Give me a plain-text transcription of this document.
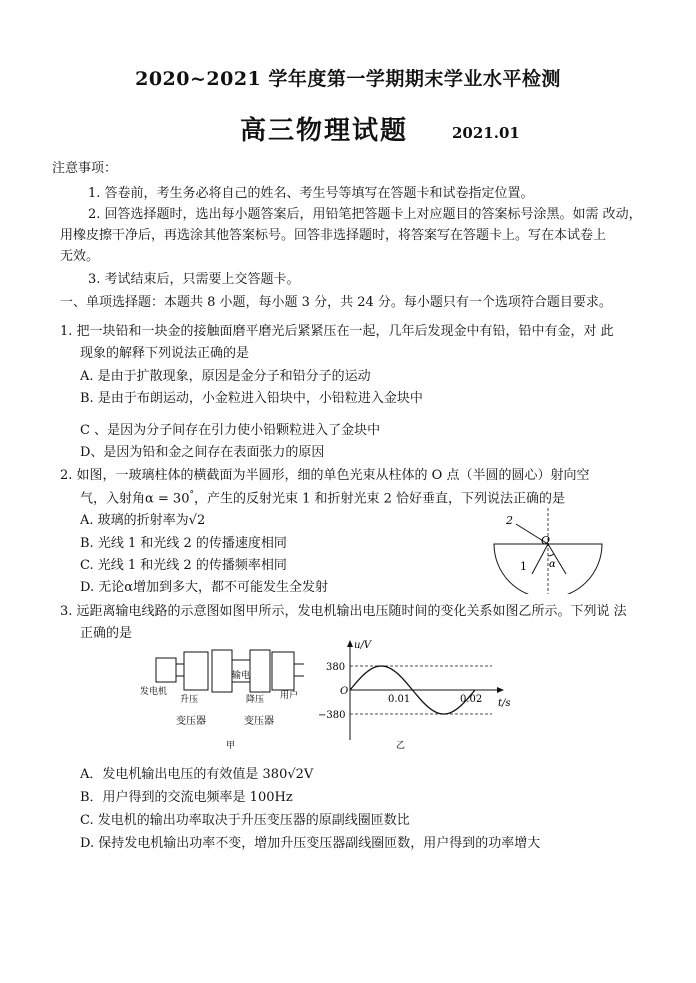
2020~2021 学年度第一学期期末学业水平检测
高三物理试题	2021.01
注意事项：
1. 答卷前，考生务必将自己的姓名、考生号等填写在答题卡和试卷指定位置。
2. 回答选择题时，选出每小题答案后，用铅笔把答题卡上对应题目的答案标号涂黑。如需 改动，
用橡皮擦干净后，再选涂其他答案标号。回答非选择题时，将答案写在答题卡上。写在本试卷上
无效。
3. 考试结束后，只需要上交答题卡。
一、单项选择题：本题共 8 小题，每小题 3 分，共 24 分。每小题只有一个选项符合题目要求。
1. 把一块铅和一块金的接触面磨平磨光后紧紧压在一起，几年后发现金中有铅，铅中有金，对 此
现象的解释下列说法正确的是
A. 是由于扩散现象，原因是金分子和铅分子的运动
B. 是由于布朗运动，小金粒进入铅块中，小铅粒进入金块中
C 、是因为分子间存在引力使小铅颗粒进入了金块中
D、是因为铅和金之间存在表面张力的原因
2. 如图，一玻璃柱体的横截面为半圆形，细的单色光束从柱体的 O 点（半圆的圆心）射向空
气，入射角α = 30°，产生的反射光束 1 和折射光束 2 恰好垂直，下列说法正确的是
A. 玻璃的折射率为√2
B. 光线 1 和光线 2 的传播速度相同
C. 光线 1 和光线 2 的传播频率相同
D. 无论α增加到多大，都不可能发生全发射
2
O
1 α
3. 远距离输电线路的示意图如图甲所示，发电机输出电压随时间的变化关系如图乙所示。下列说 法
正确的是
发电机
升压
输电
降压 用户
变压器	变压器
甲
u/V
t/s
O
380
−380
0.01	0.02
乙
A．发电机输出电压的有效值是 380√2V
B．用户得到的交流电频率是 100Hz
C. 发电机的输出功率取决于升压变压器的原副线圈匝数比
D. 保持发电机输出功率不变，增加升压变压器副线圈匝数，用户得到的功率增大
